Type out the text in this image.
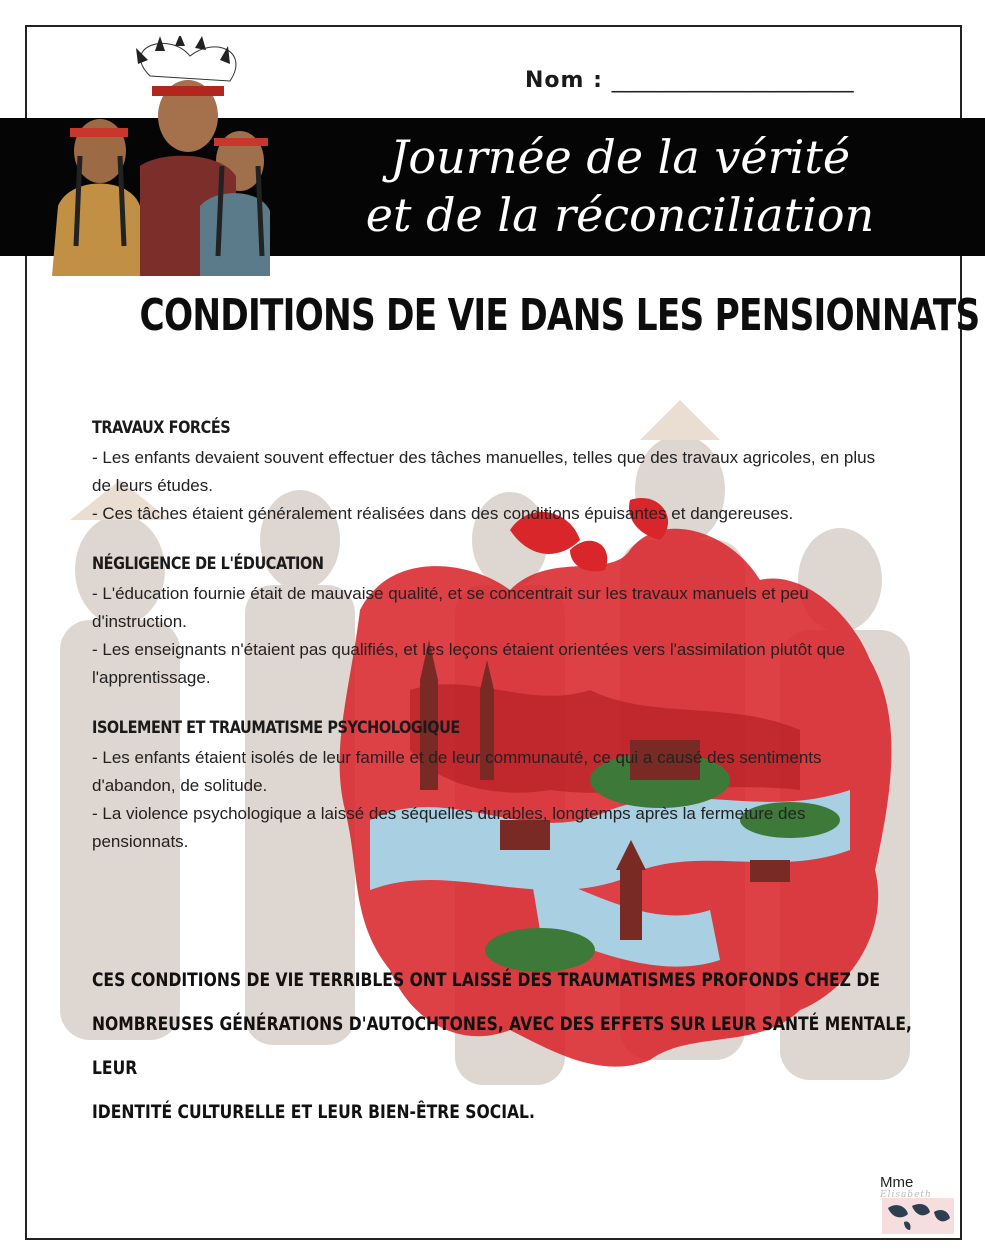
Nom : ______________________
Journée de la vérité
et de la réconciliation
CONDITIONS DE VIE DANS LES PENSIONNATS
TRAVAUX FORCÉS

- Les enfants devaient souvent effectuer des tâches manuelles, telles que des travaux agricoles, en plus de leurs études.

- Ces tâches étaient généralement réalisées dans des conditions épuisantes et dangereuses.

NÉGLIGENCE DE L'ÉDUCATION

- L'éducation fournie était de mauvaise qualité, et se concentrait sur les travaux manuels et peu d'instruction.

- Les enseignants n'étaient pas qualifiés, et les leçons étaient orientées vers l'assimilation plutôt que l'apprentissage.

ISOLEMENT ET TRAUMATISME PSYCHOLOGIQUE

- Les enfants étaient isolés de leur famille et de leur communauté, ce qui a causé des sentiments d'abandon, de solitude.

- La violence psychologique a laissé des séquelles durables, longtemps après la fermeture des pensionnats.

CES CONDITIONS DE VIE TERRIBLES ONT LAISSÉ DES TRAUMATISMES PROFONDS CHEZ DE
NOMBREUSES GÉNÉRATIONS D'AUTOCHTONES, AVEC DES EFFETS SUR LEUR SANTÉ MENTALE, LEUR
IDENTITÉ CULTURELLE ET LEUR BIEN-ÊTRE SOCIAL.
Mme
Elisabeth
